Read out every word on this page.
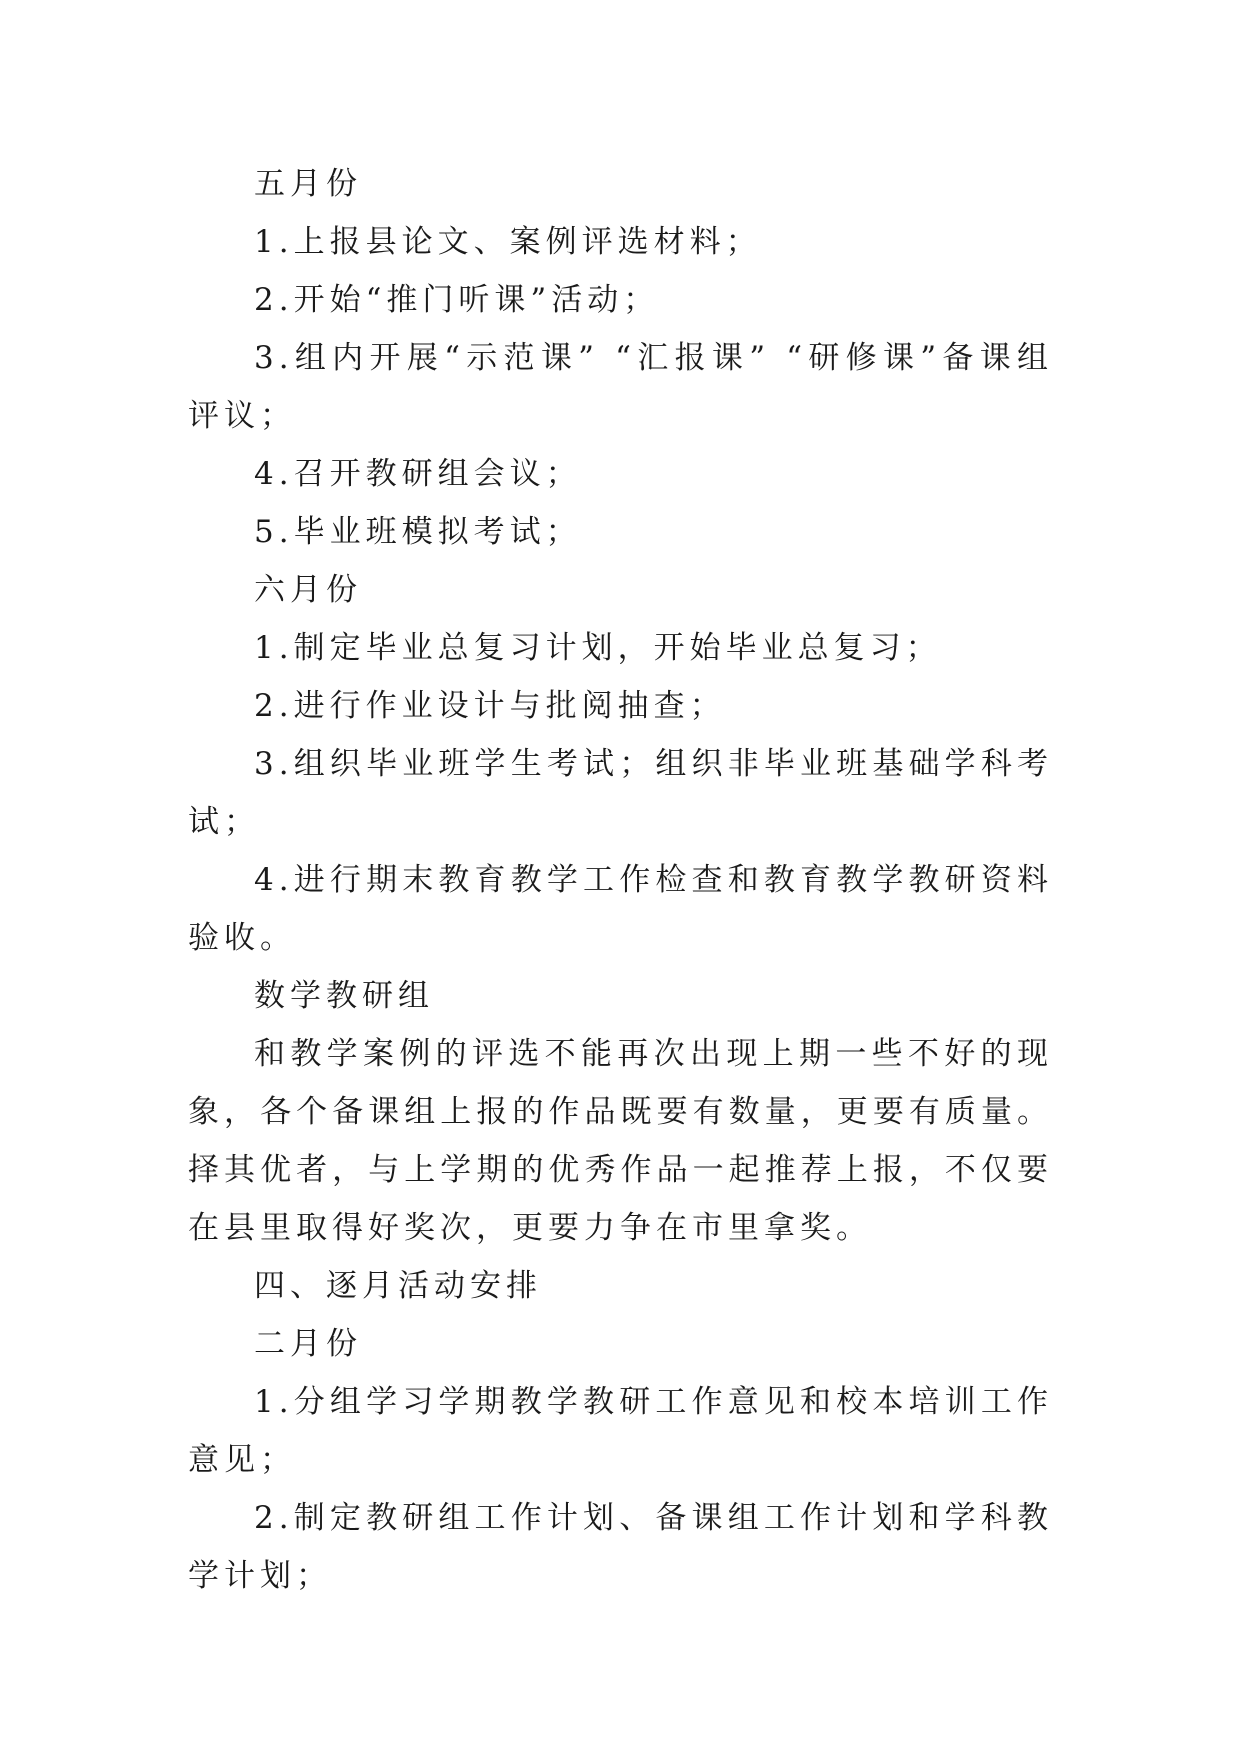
五月份

1.上报县论文、案例评选材料；

2.开始“推门听课”活动；

3.组内开展“示范课” “汇报课” “研修课”备课组评议；

4.召开教研组会议；

5.毕业班模拟考试；

六月份

1.制定毕业总复习计划，开始毕业总复习；

2.进行作业设计与批阅抽查；

3.组织毕业班学生考试；组织非毕业班基础学科考试；

4.进行期末教育教学工作检查和教育教学教研资料验收。

数学教研组

和教学案例的评选不能再次出现上期一些不好的现象，各个备课组上报的作品既要有数量，更要有质量。择其优者，与上学期的优秀作品一起推荐上报，不仅要在县里取得好奖次，更要力争在市里拿奖。

四、逐月活动安排

二月份

1.分组学习学期教学教研工作意见和校本培训工作意见；

2.制定教研组工作计划、备课组工作计划和学科教学计划；
